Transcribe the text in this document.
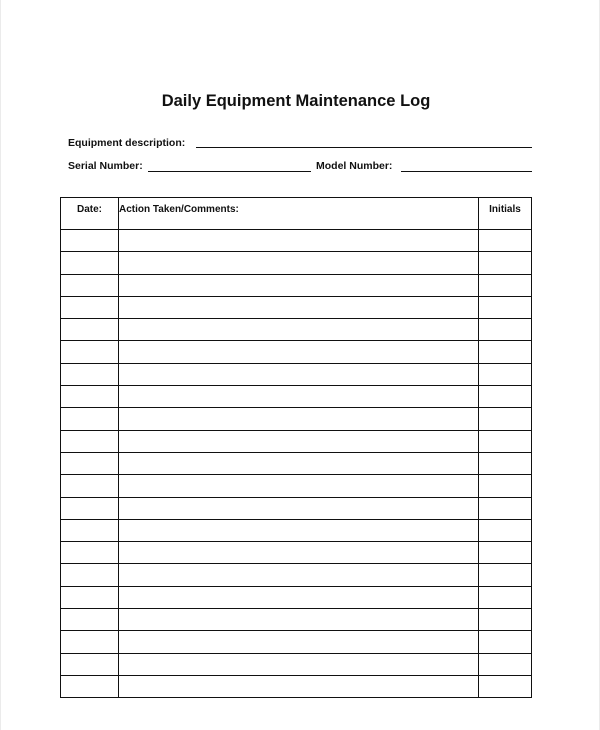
Daily Equipment Maintenance Log
Equipment description:
Serial Number:	Model Number:
Date:	Action Taken/Comments:	Initials
